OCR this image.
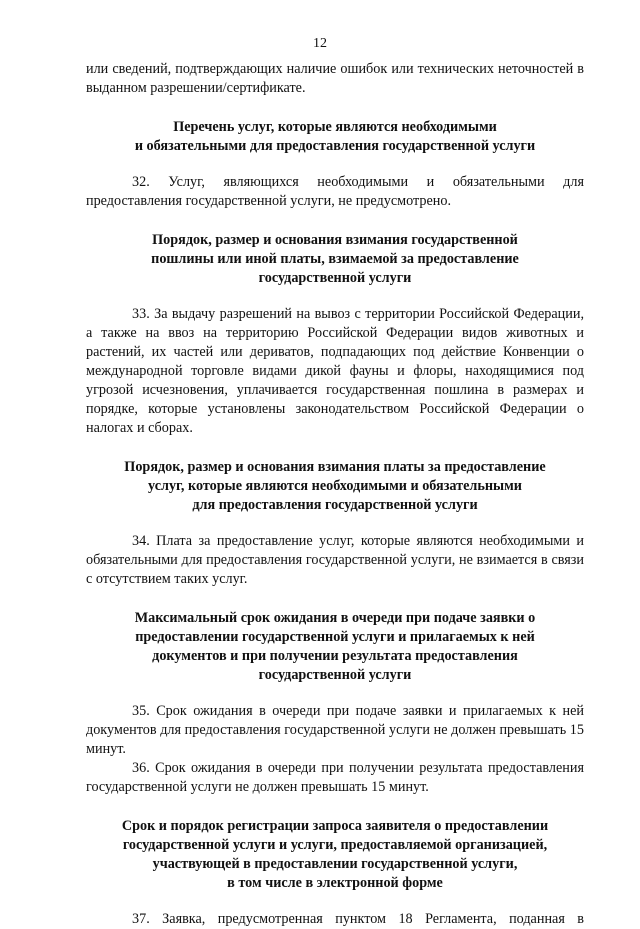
12

или сведений, подтверждающих наличие ошибок или технических неточностей в выданном разрешении/сертификате.

Перечень услуг, которые являются необходимыми
и обязательными для предоставления государственной услуги

32. Услуг, являющихся необходимыми и обязательными для предоставления государственной услуги, не предусмотрено.

Порядок, размер и основания взимания государственной
пошлины или иной платы, взимаемой за предоставление
государственной услуги

33. За выдачу разрешений на вывоз с территории Российской Федерации, а также на ввоз на территорию Российской Федерации видов животных и растений, их частей или дериватов, подпадающих под действие Конвенции о международной торговле видами дикой фауны и флоры, находящимися под угрозой исчезновения, уплачивается государственная пошлина в размерах и порядке, которые установлены законодательством Российской Федерации о налогах и сборах.

Порядок, размер и основания взимания платы за предоставление
услуг, которые являются необходимыми и обязательными
для предоставления государственной услуги

34. Плата за предоставление услуг, которые являются необходимыми и обязательными для предоставления государственной услуги, не взимается в связи с отсутствием таких услуг.

Максимальный срок ожидания в очереди при подаче заявки о
предоставлении государственной услуги и прилагаемых к ней
документов и при получении результата предоставления
государственной услуги

35. Срок ожидания в очереди при подаче заявки и прилагаемых к ней документов для предоставления государственной услуги не должен превышать 15 минут.

36. Срок ожидания в очереди при получении результата предоставления государственной услуги не должен превышать 15 минут.

Срок и порядок регистрации запроса заявителя о предоставлении
государственной услуги и услуги, предоставляемой организацией,
участвующей в предоставлении государственной услуги,
в том числе в электронной форме

37. Заявка, предусмотренная пунктом 18 Регламента, поданная в
